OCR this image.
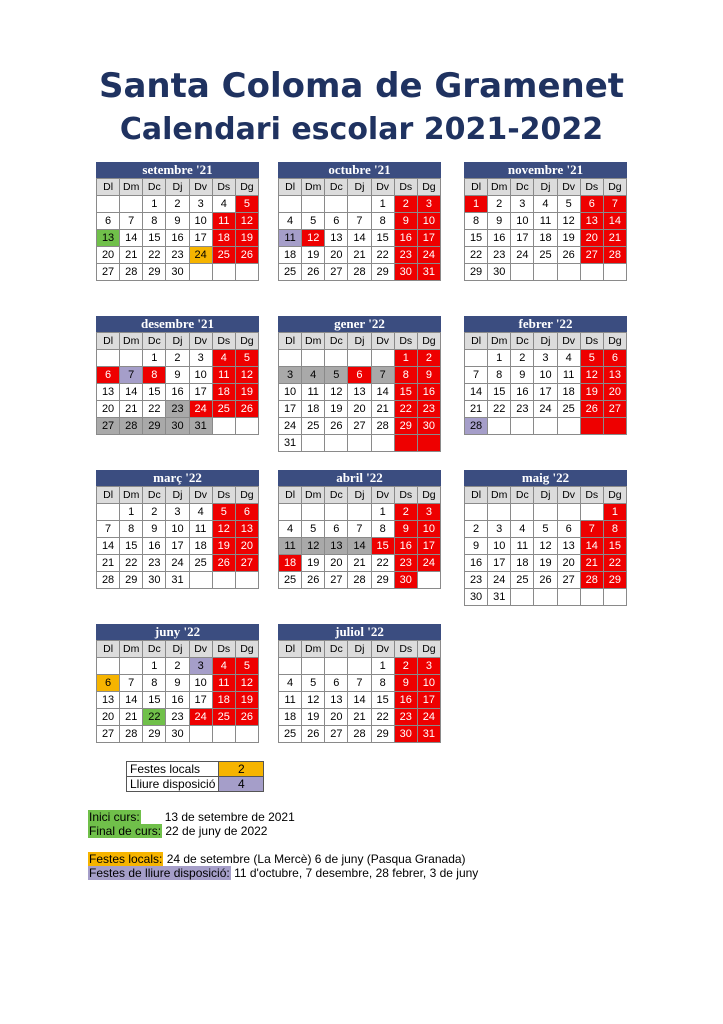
Santa Coloma de Gramenet
Calendari escolar 2021-2022
setembre '21
Dl	Dm	Dc	Dj	Dv	Ds	Dg
		1	2	3	4	5
6	7	8	9	10	11	12
13	14	15	16	17	18	19
20	21	22	23	24	25	26
27	28	29	30			
octubre '21
Dl	Dm	Dc	Dj	Dv	Ds	Dg
				1	2	3
4	5	6	7	8	9	10
11	12	13	14	15	16	17
18	19	20	21	22	23	24
25	26	27	28	29	30	31
novembre '21
Dl	Dm	Dc	Dj	Dv	Ds	Dg
1	2	3	4	5	6	7
8	9	10	11	12	13	14
15	16	17	18	19	20	21
22	23	24	25	26	27	28
29	30					
desembre '21
Dl	Dm	Dc	Dj	Dv	Ds	Dg
		1	2	3	4	5
6	7	8	9	10	11	12
13	14	15	16	17	18	19
20	21	22	23	24	25	26
27	28	29	30	31		
gener '22
Dl	Dm	Dc	Dj	Dv	Ds	Dg
					1	2
3	4	5	6	7	8	9
10	11	12	13	14	15	16
17	18	19	20	21	22	23
24	25	26	27	28	29	30
31						
febrer '22
Dl	Dm	Dc	Dj	Dv	Ds	Dg
	1	2	3	4	5	6
7	8	9	10	11	12	13
14	15	16	17	18	19	20
21	22	23	24	25	26	27
28						
març '22
Dl	Dm	Dc	Dj	Dv	Ds	Dg
	1	2	3	4	5	6
7	8	9	10	11	12	13
14	15	16	17	18	19	20
21	22	23	24	25	26	27
28	29	30	31			
abril '22
Dl	Dm	Dc	Dj	Dv	Ds	Dg
				1	2	3
4	5	6	7	8	9	10
11	12	13	14	15	16	17
18	19	20	21	22	23	24
25	26	27	28	29	30	
maig '22
Dl	Dm	Dc	Dj	Dv	Ds	Dg
						1
2	3	4	5	6	7	8
9	10	11	12	13	14	15
16	17	18	19	20	21	22
23	24	25	26	27	28	29
30	31					
juny '22
Dl	Dm	Dc	Dj	Dv	Ds	Dg
		1	2	3	4	5
6	7	8	9	10	11	12
13	14	15	16	17	18	19
20	21	22	23	24	25	26
27	28	29	30			
juliol '22
Dl	Dm	Dc	Dj	Dv	Ds	Dg
				1	2	3
4	5	6	7	8	9	10
11	12	13	14	15	16	17
18	19	20	21	22	23	24
25	26	27	28	29	30	31
Festes locals	2
Lliure disposició	4
Inici curs: 13 de setembre de 2021
Final de curs: 22 de juny de 2022
Festes locals: 24 de setembre (La Mercè) 6 de juny (Pasqua Granada)
Festes de lliure disposició: 11 d'octubre, 7 desembre, 28 febrer, 3 de juny
